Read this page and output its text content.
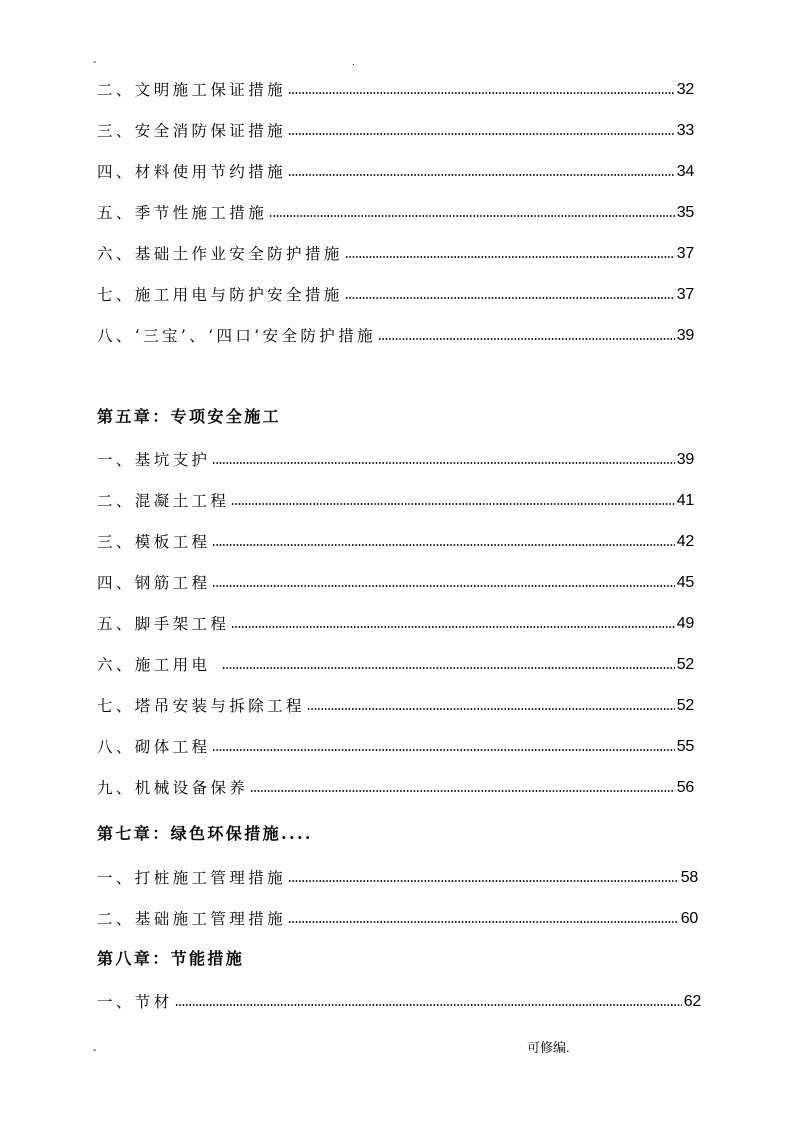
-	.
二、文明施工保证措施	32
三、安全消防保证措施	33
四、材料使用节约措施	34
五、季节性施工措施	35
六、基础土作业安全防护措施	37
七、施工用电与防护安全措施	37
八、‘三宝’、‘四口’安全防护措施	39
第五章：专项安全施工
一、基坑支护	39
二、混凝土工程	41
三、模板工程	42
四、钢筋工程	45
五、脚手架工程	49
六、施工用电	52
七、塔吊安装与拆除工程	52
八、砌体工程	55
九、机械设备保养	56
第七章：绿色环保措施....
一、打桩施工管理措施	58
二、基础施工管理措施	60
第八章：节能措施
一、节材	62
-	可修编.
